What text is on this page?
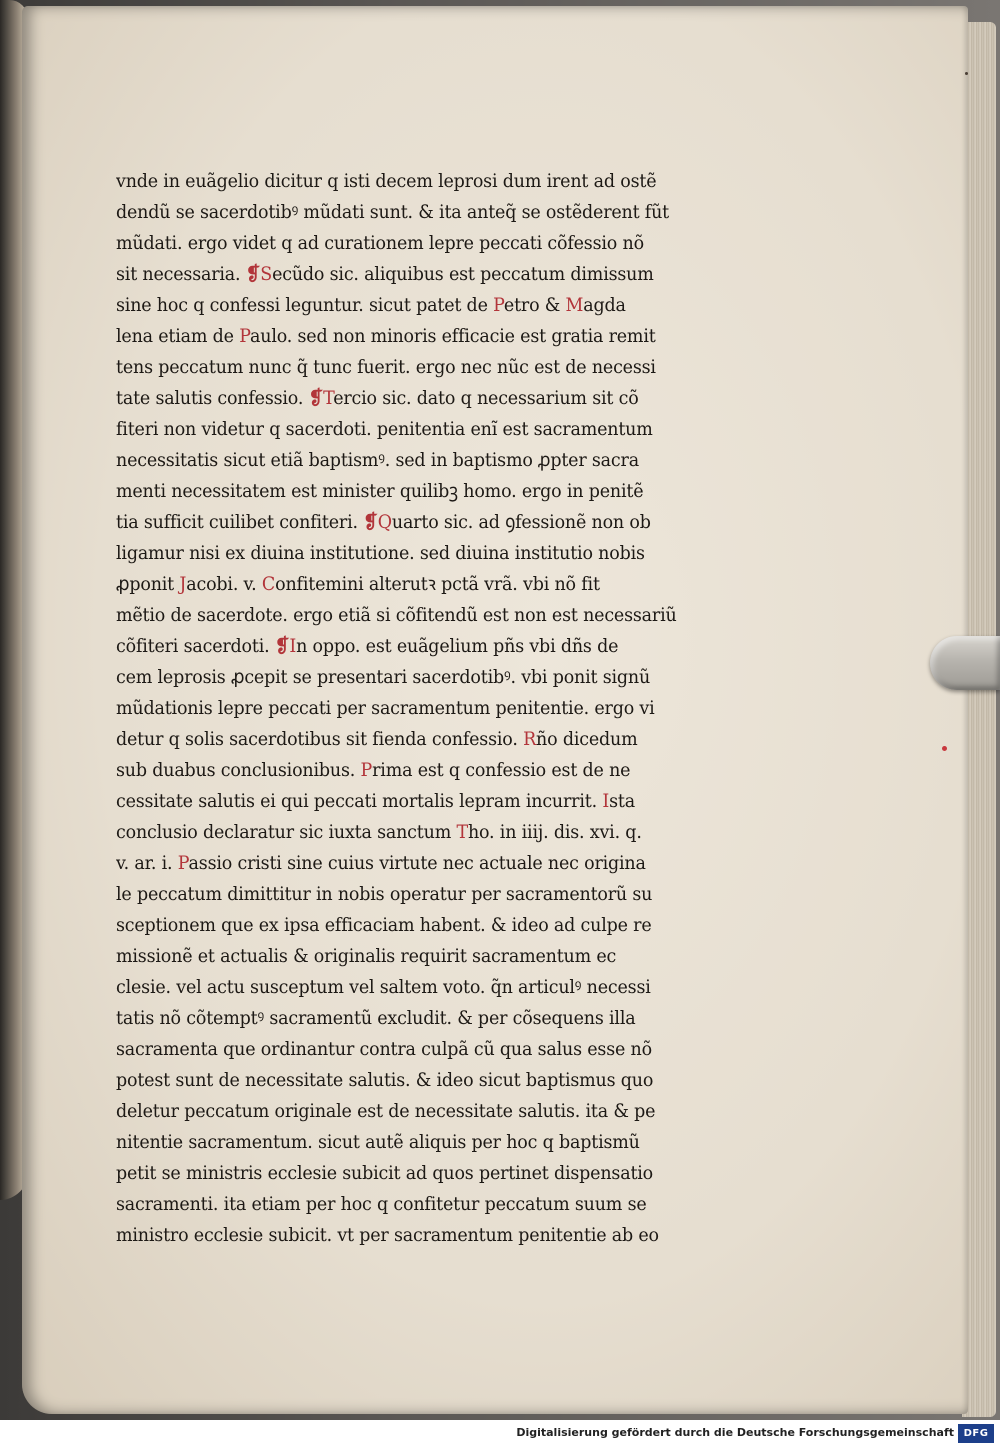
vnde in euãgelio dicitur q isti decem leprosi dum irent ad ostẽ
dendũ se sacerdotibꝰ mũdati sunt. & ita anteq̃ se ostẽderent fũt
mũdati. ergo videt q ad curationem lepre peccati cõfessio nõ
sit necessaria. ❡Secũdo sic. aliquibus est peccatum dimissum
sine hoc q confessi leguntur. sicut patet de Petro & Magda
lena etiam de Paulo. sed non minoris efficacie est gratia remit
tens peccatum nunc q̃ tunc fuerit. ergo nec nũc est de necessi
tate salutis confessio. ❡Tercio sic. dato q necessarium sit cõ
fiteri non videtur q sacerdoti. penitentia enĩ est sacramentum
necessitatis sicut etiã baptismꝰ. sed in baptismo ꝓpter sacra
menti necessitatem est minister quilibꝫ homo. ergo in penitẽ
tia sufficit cuilibet confiteri. ❡Quarto sic. ad ꝯfessionẽ non ob
ligamur nisi ex diuina institutione. sed diuina institutio nobis
ꝓponit Jacobi. v. Confitemini alterutꝛ pctã vrã. vbi nõ fit
mẽtio de sacerdote. ergo etiã si cõfitendũ est non est necessariũ
cõfiteri sacerdoti. ❡In oppo. est euãgelium pñs vbi dñs de
cem leprosis ꝓcepit se presentari sacerdotibꝰ. vbi ponit signũ
mũdationis lepre peccati per sacramentum penitentie. ergo vi
detur q solis sacerdotibus sit fienda confessio. Rño dicedum
sub duabus conclusionibus. Prima est q confessio est de ne
cessitate salutis ei qui peccati mortalis lepram incurrit. Ista
conclusio declaratur sic iuxta sanctum Tho. in iiij. dis. xvi. q.
v. ar. i. Passio cristi sine cuius virtute nec actuale nec origina
le peccatum dimittitur in nobis operatur per sacramentorũ su
sceptionem que ex ipsa efficaciam habent. & ideo ad culpe re
missionẽ et actualis & originalis requirit sacramentum ec
clesie. vel actu susceptum vel saltem voto. q̃n articulꝰ necessi
tatis nõ cõtemptꝰ sacramentũ excludit. & per cõsequens illa
sacramenta que ordinantur contra culpã cũ qua salus esse nõ
potest sunt de necessitate salutis. & ideo sicut baptismus quo
deletur peccatum originale est de necessitate salutis. ita & pe
nitentie sacramentum. sicut autẽ aliquis per hoc q baptismũ
petit se ministris ecclesie subicit ad quos pertinet dispensatio
sacramenti. ita etiam per hoc q confitetur peccatum suum se
ministro ecclesie subicit. vt per sacramentum penitentie ab eo
Digitalisierung gefördert durch die Deutsche Forschungsgemeinschaft DFG
